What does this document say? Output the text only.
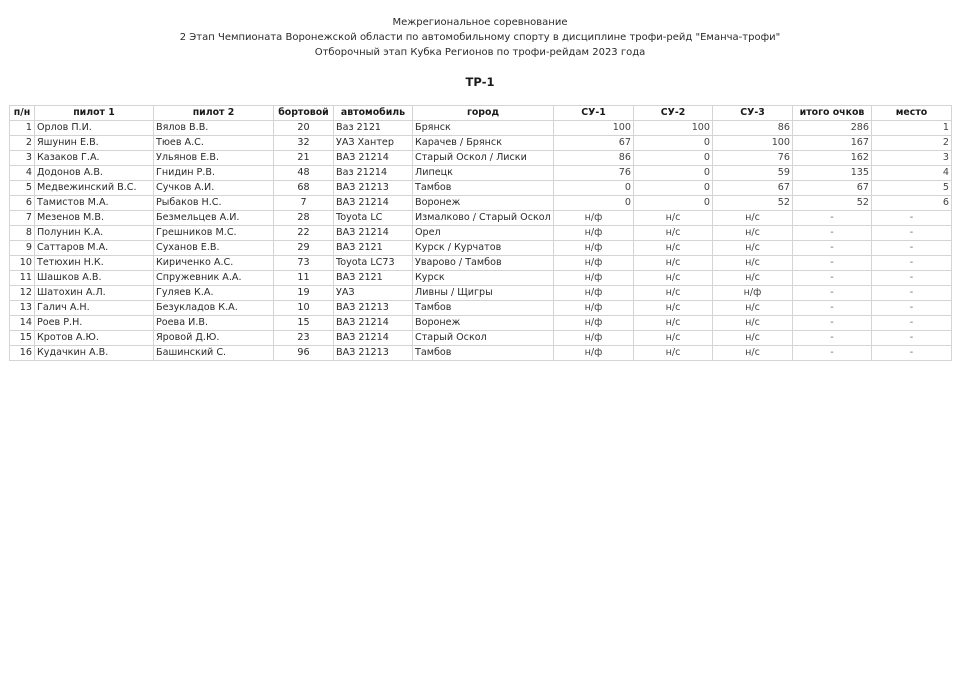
Межрегиональное соревнование
2 Этап Чемпионата Воронежской области по автомобильному спорту в дисциплине трофи-рейд "Еманча-трофи"
Отборочный этап Кубка Регионов по трофи-рейдам 2023 года
ТР-1
п/н	пилот 1	пилот 2	бортовой	автомобиль	город	СУ-1	СУ-2	СУ-3	итого очков	место
1	Орлов П.И.	Вялов В.В.	20	Ваз 2121	Брянск	100	100	86	286	1
2	Яшунин Е.В.	Тюев А.С.	32	УАЗ Хантер	Карачев / Брянск	67	0	100	167	2
3	Казаков Г.А.	Ульянов Е.В.	21	ВАЗ 21214	Старый Оскол / Лиски	86	0	76	162	3
4	Додонов А.В.	Гнидин Р.В.	48	Ваз 21214	Липецк	76	0	59	135	4
5	Медвежинский В.С.	Сучков А.И.	68	ВАЗ 21213	Тамбов	0	0	67	67	5
6	Тамистов М.А.	Рыбаков Н.С.	7	ВАЗ 21214	Воронеж	0	0	52	52	6
7	Мезенов М.В.	Безмельцев А.И.	28	Toyota LC	Измалково / Старый Оскол	н/ф	н/с	н/с	-	-
8	Полунин К.А.	Грешников М.С.	22	ВАЗ 21214	Орел	н/ф	н/с	н/с	-	-
9	Саттаров М.А.	Суханов Е.В.	29	ВАЗ 2121	Курск / Курчатов	н/ф	н/с	н/с	-	-
10	Тетюхин Н.К.	Кириченко А.С.	73	Toyota LC73	Уварово / Тамбов	н/ф	н/с	н/с	-	-
11	Шашков А.В.	Спружевник А.А.	11	ВАЗ 2121	Курск	н/ф	н/с	н/с	-	-
12	Шатохин А.Л.	Гуляев К.А.	19	УАЗ	Ливны / Щигры	н/ф	н/с	н/ф	-	-
13	Галич А.Н.	Безукладов К.А.	10	ВАЗ 21213	Тамбов	н/ф	н/с	н/с	-	-
14	Роев Р.Н.	Роева И.В.	15	ВАЗ 21214	Воронеж	н/ф	н/с	н/с	-	-
15	Кротов А.Ю.	Яровой Д.Ю.	23	ВАЗ 21214	Старый Оскол	н/ф	н/с	н/с	-	-
16	Кудачкин А.В.	Башинский С.	96	ВАЗ 21213	Тамбов	н/ф	н/с	н/с	-	-
